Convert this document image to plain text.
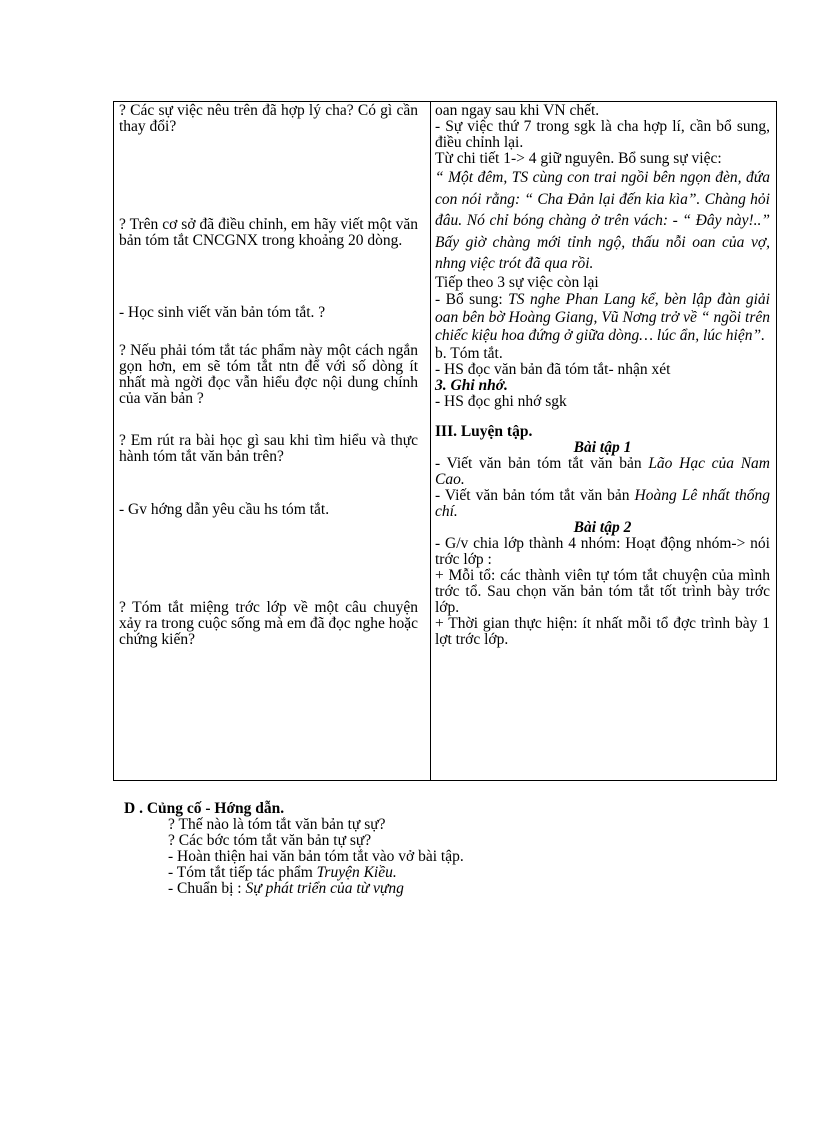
? Các sự việc nêu trên đã hợp lý cha? Có gì cần thay đổi?
? Trên cơ sở đã điều chỉnh, em hãy viết một văn bản tóm tắt CNCGNX trong khoảng 20 dòng.
- Học sinh viết văn bản tóm tắt. ?
? Nếu phải tóm tắt tác phẩm này một cách ngắn gọn hơn, em sẽ tóm tắt ntn để với số dòng ít nhất mà ngời đọc vẫn hiểu đợc nội dung chính của văn bản ?
? Em rút ra bài học gì sau khi tìm hiểu và thực hành tóm tắt văn bản trên?
- Gv hớng dẫn yêu cầu hs tóm tắt.
? Tóm tắt miệng trớc lớp về một câu chuyện xảy ra trong cuộc sống mà em đã đọc nghe hoặc chứng kiến?

oan ngay sau khi VN chết.

- Sự việc thứ 7 trong sgk là cha hợp lí, cần bổ sung, điều chỉnh lại.

Từ chi tiết 1-> 4 giữ nguyên. Bổ sung sự việc:

“ Một đêm, TS cùng con trai ngồi bên ngọn đèn, đứa con nói rằng: “ Cha Đản lại đến kia kìa”. Chàng hỏi đâu. Nó chỉ bóng chàng ở trên vách: - “ Đây này!..” Bấy giờ chàng mới tỉnh ngộ, thấu nỗi oan của vợ, nhng việc trót đã qua rồi.

Tiếp theo 3 sự việc còn lại

- Bổ sung: TS nghe Phan Lang kể, bèn lập đàn giải oan bên bờ Hoàng Giang, Vũ Nơng trở về “ ngồi trên chiếc kiệu hoa đứng ở giữa dòng… lúc ẩn, lúc hiện”.

b. Tóm tắt.

- HS đọc văn bản đã tóm tắt- nhận xét

3. Ghi nhớ.

- HS đọc ghi nhớ sgk

III. Luyện tập.

Bài tập 1

- Viết văn bản tóm tắt văn bản Lão Hạc của Nam Cao.

- Viết văn bản tóm tắt văn bản Hoàng Lê nhất thống chí.

Bài tập 2

- G/v chia lớp thành 4 nhóm: Hoạt động nhóm-> nói trớc lớp :

+ Mỗi tổ: các thành viên tự tóm tắt chuyện của mình trớc tổ. Sau chọn văn bản tóm tắt tốt trình bày trớc lớp.

+ Thời gian thực hiện: ít nhất mỗi tổ đợc trình bày 1 lợt trớc lớp.

D . Củng cố - Hớng dẫn.
? Thế nào là tóm tắt văn bản tự sự?
? Các bớc tóm tắt văn bản tự sự?
- Hoàn thiện hai văn bản tóm tắt vào vở bài tập.
- Tóm tắt tiếp tác phẩm Truyện Kiều.
- Chuẩn bị : Sự phát triển của từ vựng
